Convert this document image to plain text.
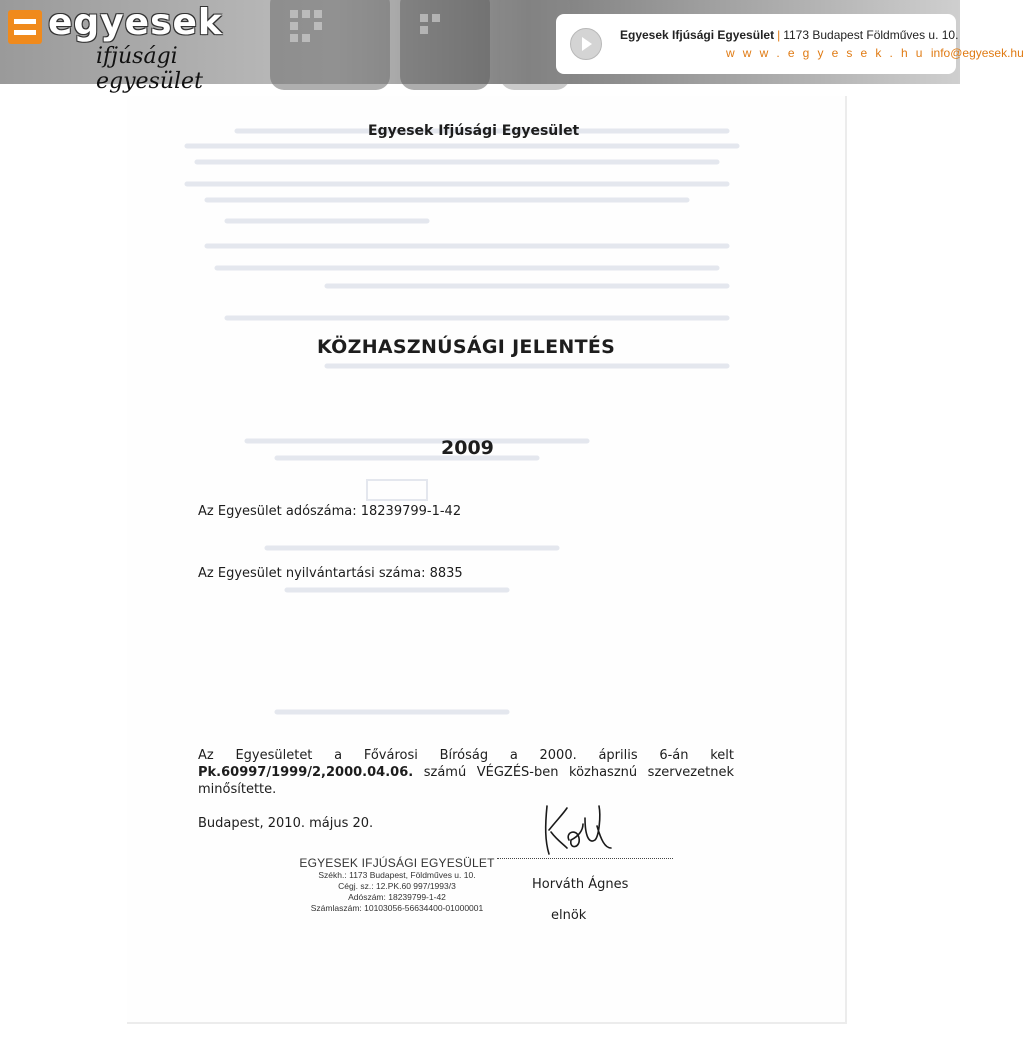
egyesek
ifjúsági egyesület
Egyesek Ifjúsági Egyesület | 1173 Budapest Földműves u. 10.
w w w . e g y e s e k . h u info@egyesek.hu
Egyesek Ifjúsági Egyesület
KÖZHASZNÚSÁGI JELENTÉS
2009
Az Egyesület adószáma: 18239799-1-42
Az Egyesület nyilvántartási száma: 8835
Az Egyesületet a Fővárosi Bíróság a 2000. április 6-án kelt Pk.60997/1999/2,2000.04.06. számú VÉGZÉS-ben közhasznú szervezetnek minősítette.
Budapest, 2010. május 20.
EGYESEK IFJÚSÁGI EGYESÜLET
Székh.: 1173 Budapest, Földműves u. 10.
Cégj. sz.: 12.PK.60 997/1993/3
Adószám: 18239799-1-42
Számlaszám: 10103056-56634400-01000001
Horváth Ágnes
elnök
